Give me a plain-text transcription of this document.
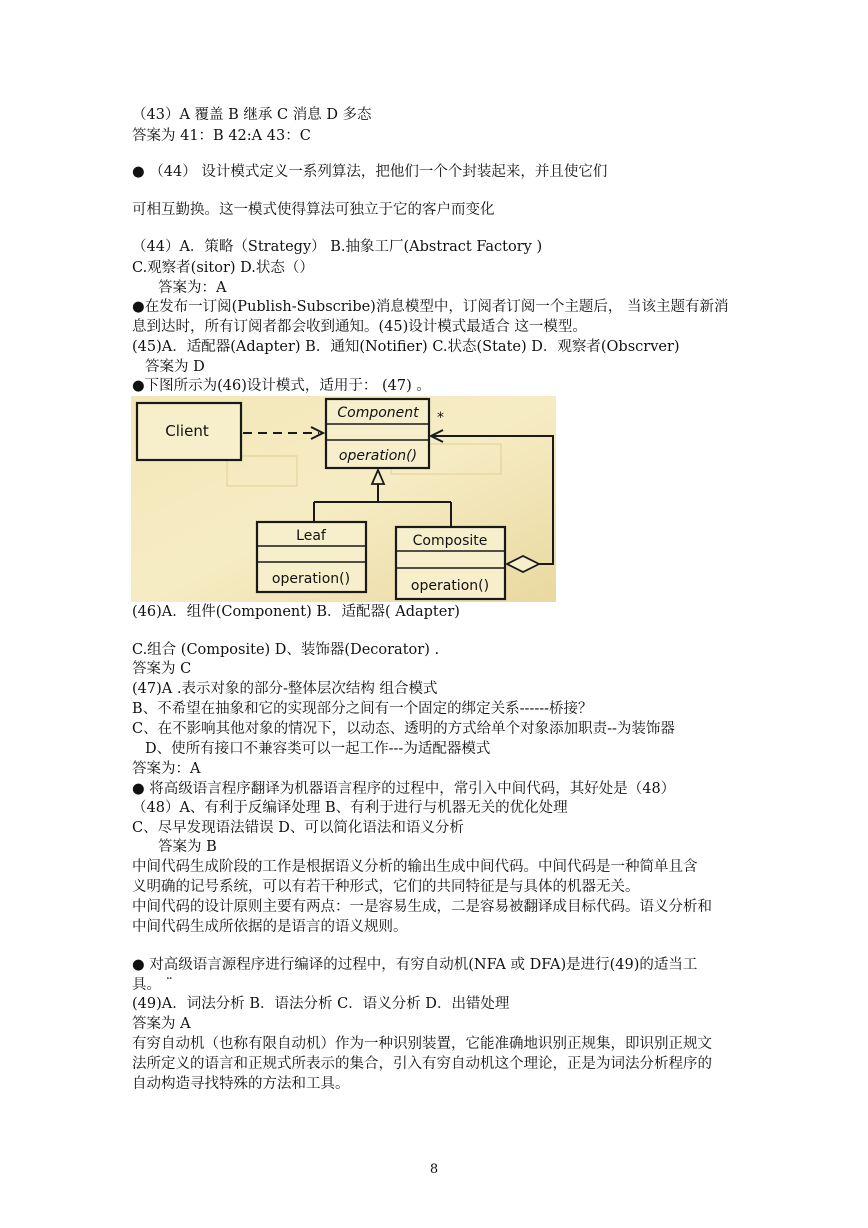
（43）A 覆盖 B 继承 C 消息 D 多态
答案为 41：B 42:A 43：C
● （44） 设计模式定义一系列算法，把他们一个个封装起来，并且使它们
可相互勤换。这一模式使得算法可独立于它的客户而变化
（44）A．策略（Strategy） B.抽象工厂(Abstract Factory )
C.观察者(sitor) D.状态（）
答案为：A
●在发布一订阅(Publish-Subscribe)消息模型中，订阅者订阅一个主题后， 当该主题有新消
息到达时，所有订阅者都会收到通知。(45)设计模式最适合 这一模型。
(45)A．适配器(Adapter) B．通知(Notifier) C.状态(State) D．观察者(Obscrver)
答案为 D
●下图所示为(46)设计模式，适用于： (47) 。
Client
Component
operation()
*
Leaf
operation()
Composite
operation()
(46)A．组件(Component) B．适配器( Adapter)
C.组合 (Composite) D、装饰器(Decorator) .
答案为 C
(47)A .表示对象的部分-整体层次结构 组合模式
B、不希望在抽象和它的实现部分之间有一个固定的绑定关系------桥接？
C、在不影响其他对象的情况下，以动态、透明的方式给单个对象添加职责--为装饰器
D、使所有接口不兼容类可以一起工作---为适配器模式
答案为：A
● 将高级语言程序翻译为机器语言程序的过程中，常引入中间代码，其好处是（48）
（48）A、有利于反编译处理 B、有利于进行与机器无关的优化处理
C、尽早发现语法错误 D、可以简化语法和语义分析
答案为 B
中间代码生成阶段的工作是根据语义分析的输出生成中间代码。中间代码是一种简单且含
义明确的记号系统，可以有若干种形式，它们的共同特征是与具体的机器无关。
中间代码的设计原则主要有两点：一是容易生成，二是容易被翻译成目标代码。语义分析和
中间代码生成所依据的是语言的语义规则。
● 对高级语言源程序进行编译的过程中，有穷自动机(NFA 或 DFA)是进行(49)的适当工
具。 ¨
(49)A．词法分析 B．语法分析 C．语义分析 D．出错处理
答案为 A
有穷自动机（也称有限自动机）作为一种识别装置，它能准确地识别正规集，即识别正规文
法所定义的语言和正规式所表示的集合，引入有穷自动机这个理论，正是为词法分析程序的
自动构造寻找特殊的方法和工具。
8
